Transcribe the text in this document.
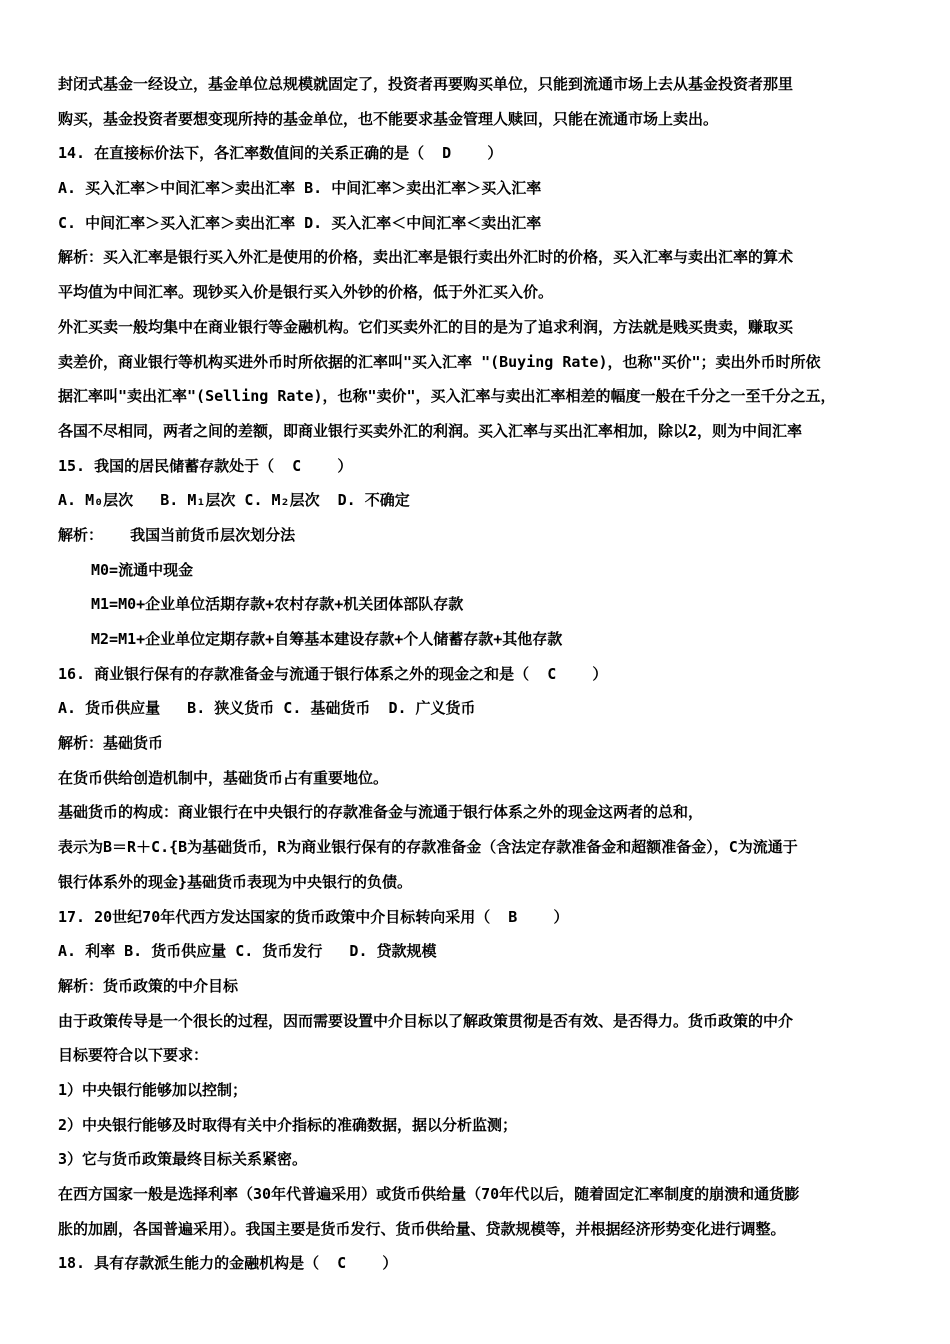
封闭式基金一经设立，基金单位总规模就固定了，投资者再要购买单位，只能到流通市场上去从基金投资者那里
购买，基金投资者要想变现所持的基金单位，也不能要求基金管理人赎回，只能在流通市场上卖出。
14. 在直接标价法下，各汇率数值间的关系正确的是（  D    ）
A. 买入汇率＞中间汇率＞卖出汇率 B. 中间汇率＞卖出汇率＞买入汇率
C. 中间汇率＞买入汇率＞卖出汇率 D. 买入汇率＜中间汇率＜卖出汇率
解析：买入汇率是银行买入外汇是使用的价格，卖出汇率是银行卖出外汇时的价格，买入汇率与卖出汇率的算术
平均值为中间汇率。现钞买入价是银行买入外钞的价格，低于外汇买入价。
外汇买卖一般均集中在商业银行等金融机构。它们买卖外汇的目的是为了追求利润，方法就是贱买贵卖，赚取买
卖差价，商业银行等机构买进外币时所依据的汇率叫"买入汇率 "(Buying Rate)，也称"买价"；卖出外币时所依
据汇率叫"卖出汇率"(Selling Rate)，也称"卖价"，买入汇率与卖出汇率相差的幅度一般在千分之一至千分之五，
各国不尽相同，两者之间的差额，即商业银行买卖外汇的利润。买入汇率与买出汇率相加，除以2，则为中间汇率
15. 我国的居民储蓄存款处于（  C    ）
A. M₀层次   B. M₁层次 C. M₂层次  D. 不确定
解析：   我国当前货币层次划分法
M0=流通中现金
M1=M0+企业单位活期存款+农村存款+机关团体部队存款
M2=M1+企业单位定期存款+自筹基本建设存款+个人储蓄存款+其他存款
16. 商业银行保有的存款准备金与流通于银行体系之外的现金之和是（  C    ）
A. 货币供应量   B. 狭义货币 C. 基础货币  D. 广义货币
解析：基础货币
在货币供给创造机制中，基础货币占有重要地位。
基础货币的构成：商业银行在中央银行的存款准备金与流通于银行体系之外的现金这两者的总和，
表示为B＝R＋C.{B为基础货币，R为商业银行保有的存款准备金（含法定存款准备金和超额准备金），C为流通于
银行体系外的现金}基础货币表现为中央银行的负债。
17. 20世纪70年代西方发达国家的货币政策中介目标转向采用（  B    ）
A. 利率 B. 货币供应量 C. 货币发行   D. 贷款规模
解析：货币政策的中介目标
由于政策传导是一个很长的过程，因而需要设置中介目标以了解政策贯彻是否有效、是否得力。货币政策的中介
目标要符合以下要求：
1）中央银行能够加以控制；
2）中央银行能够及时取得有关中介指标的准确数据，据以分析监测；
3）它与货币政策最终目标关系紧密。
在西方国家一般是选择利率（30年代普遍采用）或货币供给量（70年代以后，随着固定汇率制度的崩溃和通货膨
胀的加剧，各国普遍采用）。我国主要是货币发行、货币供给量、贷款规模等，并根据经济形势变化进行调整。
18. 具有存款派生能力的金融机构是（  C    ）
